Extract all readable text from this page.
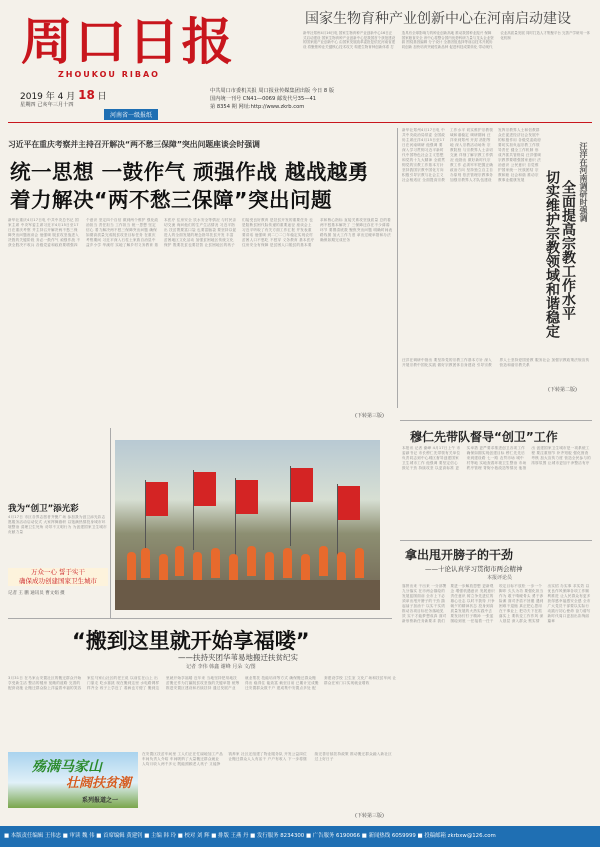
周口日报
ZHOUKOU RIBAO
2019 年 4 月 18 日
星期四 己亥年三月十四
中共周口市委机关报 周口报业传媒集团出版 今日 8 版
国内统一刊号 CN41—0069 邮发代号35—41
第 8354 期 网址:http://www.zkrb.com
河南省一级报纸
国家生物育种产业创新中心在河南启动建设
新华社郑州4月16日电 国家生物育种产业创新中心16日正式启动建设 国家生物育种产业创新中心是我国首个获批建设的国家级产业创新中心 由国家发展改革委批复依托河南省建设 将聚焦种业关键核心技术攻关 构建生物育种创新体系 打造具有全球影响力的种业创新高地 推动我国种业振兴 保障国家粮食安全 该中心将整合国内优势科研力量与龙头企业资源 围绕基因编辑 分子设计 全基因组选择等前沿技术开展协同创新 加快培育突破性新品种 促进科技成果转化 带动现代农业高质量发展 同时打造人才集聚平台 完善产学研用一体化机制
习近平在重庆考察并主持召开解决“两不愁三保障”突出问题座谈会时强调
统一思想 一鼓作气 顽强作战 越战越勇
着力解决“两不愁三保障”突出问题
新华社重庆4月17日电 中共中央总书记 国家主席 中央军委主席习近平4月15日至17日在重庆考察 并主持召开解决两不愁三保障突出问题座谈会 他强调 脱贫攻坚战进入决胜的关键阶段 务必一鼓作气 顽强作战 不获全胜决不收兵 各级党委和政府要增强四个意识 坚定四个自信 做到两个维护 强化政治担当 责任担当 工作担当 统一思想 坚定信心 着力解决两不愁三保障突出问题 确保如期高质量完成脱贫攻坚目标任务 在重庆考察期间 习近平深入石柱土家族自治县中益乡小学 华溪村 实地了解乡村义务教育 基本医疗 住房安全 饮水安全等情况 与村民亲切交流 询问他们的生产生活情况 习近平指出 扶贫既要富口袋 也要富脑袋 要坚持以促进人的全面发展的理念指导扶贫开发 丰富贫困地区文化活动 加强贫困地区传统文化保护 既要扶贫也要扶智 让贫困地区的孩子们接受良好教育 是扶贫开发的重要任务 也是阻断贫困代际传递的重要途径 座谈会上 习近平听取了有关方面工作汇报 并发表重要讲话 他强调 到二〇二〇年稳定实现农村贫困人口不愁吃 不愁穿 义务教育 基本医疗 住房安全有保障 是贫困人口脱贫的基本要求和核心指标 直接关系攻坚战质量 总的看 两不愁基本解决了 三保障还存在不少薄弱环节 要摸清底数 聚焦突出问题 明确时间表 路线图 加大工作力度 拿出过硬举措和办法 确保如期完成任务
(下转第三版)
新华社郑州4月17日电 中共中央政治局常委 全国政协主席汪洋4月15日至17日在河南调研 他强调 要深入学习贯彻习近平新时代中国特色社会主义思想和党的十九大精神 全面贯彻党的宗教工作基本方针 坚持我国宗教中国化方向 积极引导宗教与社会主义社会相适应 全面提高宗教工作水平 切实维护宗教领域和谐稳定 调研期间 汪洋来到郑州 开封 洛阳等地 深入宗教活动场所 宗教院校 与宗教界人士亲切交流 详细了解宗教工作情况 他指出 做好新时代宗教工作 必须牢牢把握正确政治方向 坚持独立自主自办原则 依法管理宗教事务 加强宗教界人才队伍建设 发挥宗教界人士和信教群众在促进经济社会发展中的积极作用 各级党委政府要切实担负起宗教工作领导责任 健全工作机制 形成齐抓共管格局 汪洋强调 宗教界要增强国家意识 法治意识 公民意识 自觉维护国家统一 民族团结 宗教和睦 社会和谐 推动宗教事业健康发展	汪洋在河南调研时强调
全面提高宗教工作水平
切实维护宗教领域和谐稳定
汪洋在调研中指出 要坚持党的宗教工作基本方针 深入开展宗教中国化实践 做好宗教团体自身建设 引导宗教界人士坚持爱国爱教 服务社会 加强宗教政策法规宣传 营造和谐宗教关系
(下转第二版)
穆仁先带队督导“创卫”工作
本报讯 记者 谢峰 4月17日上午 市委副书记 市长穆仁先带领有关单位负责同志到中心城区督导创建国家卫生城市工作 他强调 要坚定信心 鼓足干劲 持续攻坚 以更高标准 更实举措 更严要求推进创卫各项工作 确保如期实现创建目标 穆仁先先后来到建设路 七一路 农贸市场 城中村等地 实地查看环境卫生整治 市场秩序管理 背街小巷改造等情况 他指出 创建国家卫生城市是一项系统工程 要注重细节 补齐短板 强化督查考核 加大宣传力度 营造全民参与的浓厚氛围 让城市更加干净整洁有序
拿出甩开膀子的干劲
——十论认真学习贯彻市两会精神
本报评论员
靠拼出来 干出来 一分部署 九分落实 在市两会描绘的发展蓝图面前 全市上下必须拿出甩开膀子的干劲 撸起袖子加油干 以实干实绩推动各项目标任务落地见效 实干才能梦想成真 面对新形势新任务新要求 我们要进一步解放思想 更新观念 增强机遇意识 发展意识 责任意识 树立争先进位的雄心壮志 以时不我待 只争朝夕的精神状态 投身到高质量发展的火热实践中去 要发扬钉钉子精神 一张蓝图绘到底 一任接着一任干 咬定目标不放松 一步一个脚印 久久为功 要强化担当作为 敢于啃硬骨头 勇于涉险滩 面对矛盾不回避 遇到困难不退缩 真正把心思用在干事业上 把功夫下在抓落实上 要转变工作作风 深入基层 深入群众 察实情 出实招 办实事 求实效 以优良作风保障各项工作顺利推进 让人民群众有更多获得感幸福感安全感 全市广大党员干部要以实际行动践行初心使命 奋力谱写新时代周口更加出彩绚丽篇章
我为“创卫”添光彩
4月17日 市区各界志愿者齐聚广场 参加我为创卫添光彩志愿服务活动启动仪式 大家挥舞旗帜 以饱满热情投身城市环境整治 清理卫生死角 劝导不文明行为 为创建国家卫生城市贡献力量
万众一心 誓于实干
确保成功创建国家卫生城市
记者 王 鹏 通讯员 曹文娟 摄
“搬到这里就开始享福喽”
——扶持夹团华苇易地搬迁扶贫纪实
记者 李伟 韩鑫 谢峰 月朵 文/图
3月31日 在马家山安置社区的搬迁群众开始享受新生活 整洁的楼房 宽敞的道路 完善的配套设施 让搬迁群众脸上洋溢着幸福的笑容 家住马家山社区的老王说 以前住在山上 出门靠走 吃水靠挑 现在搬到这里 水电路网样样齐全 孩子上学近了 看病也方便了 搬到这里就开始享福喽 近年来 当地坚持把易地扶贫搬迁作为打赢脱贫攻坚战的关键举措 统筹推进安置区建设和后续扶持 通过发展产业 就业帮扶 技能培训等方式 确保搬迁群众搬得出 稳得住 能致富 截至目前 已累计完成搬迁安置群众数千户 建成集中安置点多处 配套建设学校 卫生室 文化广场和扶贫车间 让群众在家门口实现就业增收
在安置区扶贫车间里 工人们正在忙碌地加工产品 车间负责人介绍 车间吸纳了大量搬迁群众就业 人均月收入两千多元 既能照顾老人孩子 又能挣钱养家 社区还组建了物业服务队 开发公益岗位 让搬迁群众人人有活干 户户有收入 下一步将继续完善后续扶持政策 推动搬迁群众融入新社区 过上好日子
(下转第三版)
殇满马家山
壮阔扶贫潮
系列报道之一
■ 本版责任编辑 王伟忠 ■ 审读 魏 伟 ■ 首席编辑 黄建钊 ■ 主编 韩 玲 ■ 校对 刘 辉 ■ 排版 王燕 丹 ■ 发行服务 8234300 ■ 广告服务 6190066 ■ 新闻热线 6059999 ■ 投稿邮箱 zkrbxw@126.com
